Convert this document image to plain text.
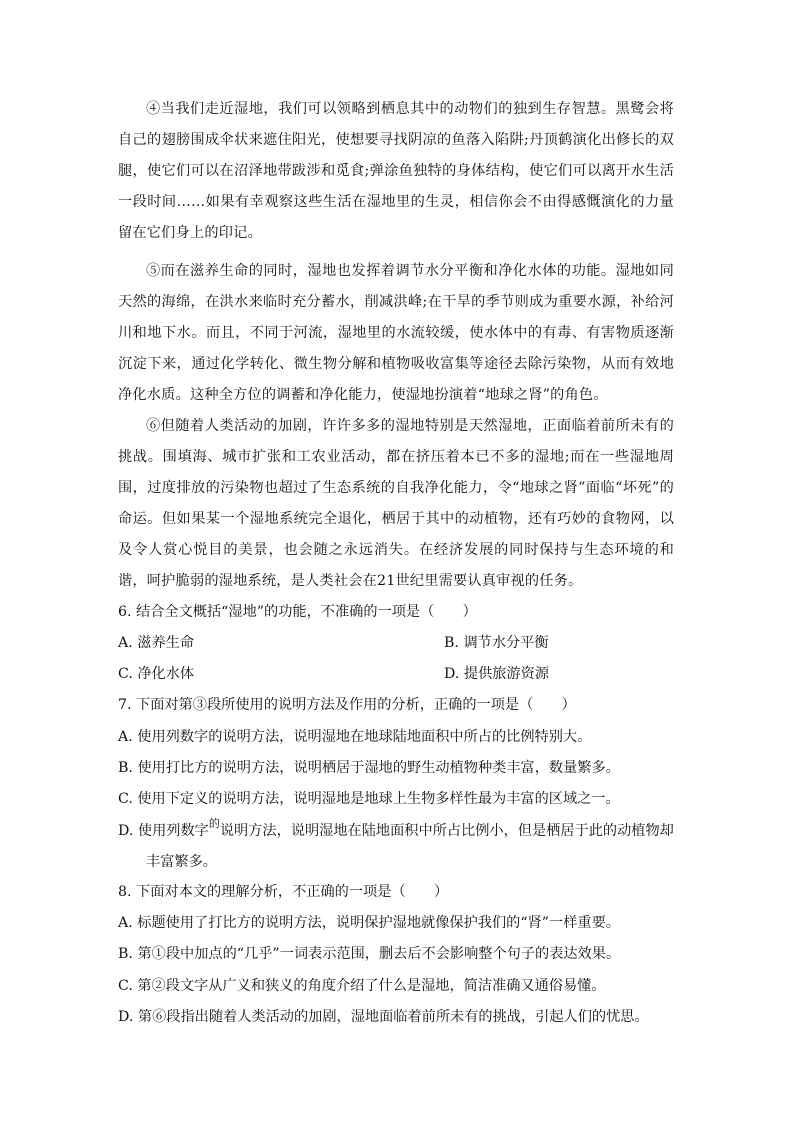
④当我们走近湿地，我们可以领略到栖息其中的动物们的独到生存智慧。黑鹭会将自己的翅膀围成伞状来遮住阳光，使想要寻找阴凉的鱼落入陷阱;丹顶鹤演化出修长的双腿，使它们可以在沼泽地带跋涉和觅食;弹涂鱼独特的身体结构，使它们可以离开水生活一段时间……如果有幸观察这些生活在湿地里的生灵，相信你会不由得感慨演化的力量留在它们身上的印记。

⑤而在滋养生命的同时，湿地也发挥着调节水分平衡和净化水体的功能。湿地如同天然的海绵，在洪水来临时充分蓄水，削减洪峰;在干旱的季节则成为重要水源，补给河川和地下水。而且，不同于河流，湿地里的水流较缓，使水体中的有毒、有害物质逐渐沉淀下来，通过化学转化、微生物分解和植物吸收富集等途径去除污染物，从而有效地净化水质。这种全方位的调蓄和净化能力，使湿地扮演着“地球之肾”的角色。

⑥但随着人类活动的加剧，许许多多的湿地特别是天然湿地，正面临着前所未有的挑战。围填海、城市扩张和工农业活动，都在挤压着本已不多的湿地;而在一些湿地周围，过度排放的污染物也超过了生态系统的自我净化能力，令“地球之肾”面临“坏死”的命运。但如果某一个湿地系统完全退化，栖居于其中的动植物，还有巧妙的食物网，以及令人赏心悦目的美景，也会随之永远消失。在经济发展的同时保持与生态环境的和谐，呵护脆弱的湿地系统，是人类社会在21世纪里需要认真审视的任务。

6. 结合全文概括“湿地”的功能，不准确的一项是（　　）
A. 滋养生命	B. 调节水分平衡
C. 净化水体	D. 提供旅游资源
7. 下面对第③段所使用的说明方法及作用的分析，正确的一项是（　　）
A. 使用列数字的说明方法，说明湿地在地球陆地面积中所占的比例特别大。
B. 使用打比方的说明方法，说明栖居于湿地的野生动植物种类丰富，数量繁多。
C. 使用下定义的说明方法，说明湿地是地球上生物多样性最为丰富的区域之一。
D. 使用列数字$^的$说明方法，说明湿地在陆地面积中所占比例小，但是栖居于此的动植物却
丰富繁多。
8. 下面对本文的理解分析，不正确的一项是（　　）
A. 标题使用了打比方的说明方法，说明保护湿地就像保护我们的“肾”一样重要。
B. 第①段中加点的“几乎”一词表示范围，删去后不会影响整个句子的表达效果。
C. 第②段文字从广义和狭义的角度介绍了什么是湿地，简洁准确又通俗易懂。
D. 第⑥段指出随着人类活动的加剧，湿地面临着前所未有的挑战，引起人们的忧思。
